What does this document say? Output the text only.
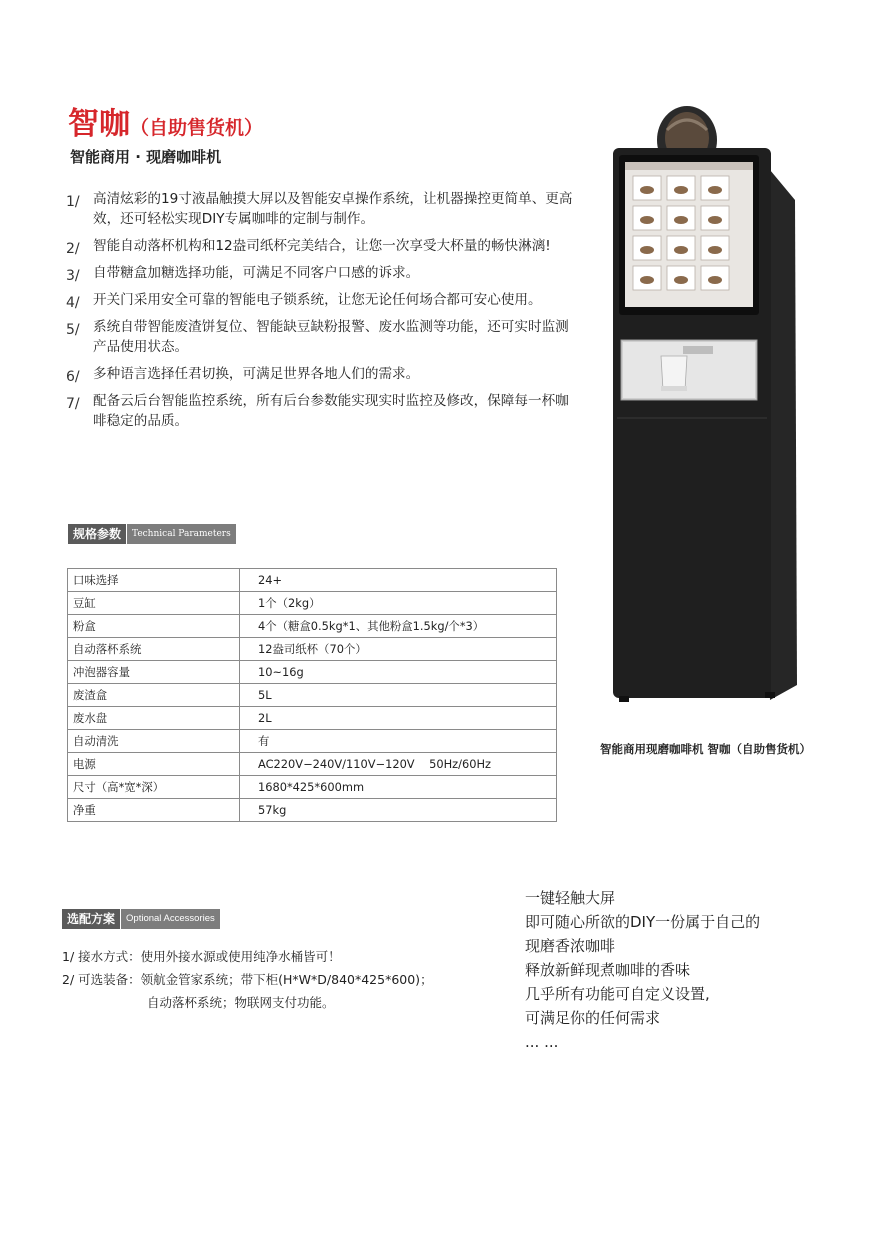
智咖（自助售货机）
智能商用 · 现磨咖啡机
1/ 高清炫彩的19寸液晶触摸大屏以及智能安卓操作系统，让机器操控更简单、更高效，还可轻松实现DIY专属咖啡的定制与制作。
2/ 智能自动落杯机构和12盎司纸杯完美结合，让您一次享受大杯量的畅快淋漓!
3/ 自带糖盒加糖选择功能，可满足不同客户口感的诉求。
4/ 开关门采用安全可靠的智能电子锁系统，让您无论任何场合都可安心使用。
5/ 系统自带智能废渣饼复位、智能缺豆缺粉报警、废水监测等功能，还可实时监测产品使用状态。
6/ 多种语言选择任君切换，可满足世界各地人们的需求。
7/ 配备云后台智能监控系统，所有后台参数能实现实时监控及修改，保障每一杯咖啡稳定的品质。
规格参数	Technical Parameters
口味选择	24+
豆缸	1个（2kg）
粉盒	4个（糖盒0.5kg*1、其他粉盒1.5kg/个*3）
自动落杯系统	12盎司纸杯（70个）
冲泡器容量	10~16g
废渣盒	5L
废水盘	2L
自动清洗	有
电源	AC220V−240V/110V−120V    50Hz/60Hz
尺寸（高*宽*深）	1680*425*600mm
净重	57kg
智能商用现磨咖啡机 智咖（自助售货机）
选配方案	Optional Accessories
1/ 接水方式：使用外接水源或使用纯净水桶皆可！
2/ 可选装备：领航金管家系统；带下柜(H*W*D/840*425*600)；
自动落杯系统；物联网支付功能。
一键轻触大屏
即可随心所欲的DIY一份属于自己的
现磨香浓咖啡
释放新鲜现煮咖啡的香味
几乎所有功能可自定义设置,
可满足你的任何需求
... ...
